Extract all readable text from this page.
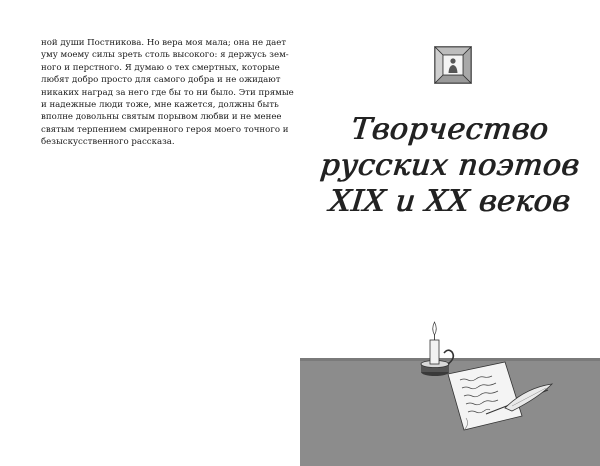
ной души Постникова. Но вера моя мала; она не дает
уму моему силы зреть столь высокого: я держусь зем-
ного и перстного. Я думаю о тех смертных, которые
любят добро просто для самого добра и не ожидают
никаких наград за него где бы то ни было. Эти прямые
и надежные люди тоже, мне кажется, должны быть
вполне довольны святым порывом любви и не менее
святым терпением смиренного героя моего точного и
безыскусственного рассказа.	Творчество
русских поэтов
XIX и XX веков
